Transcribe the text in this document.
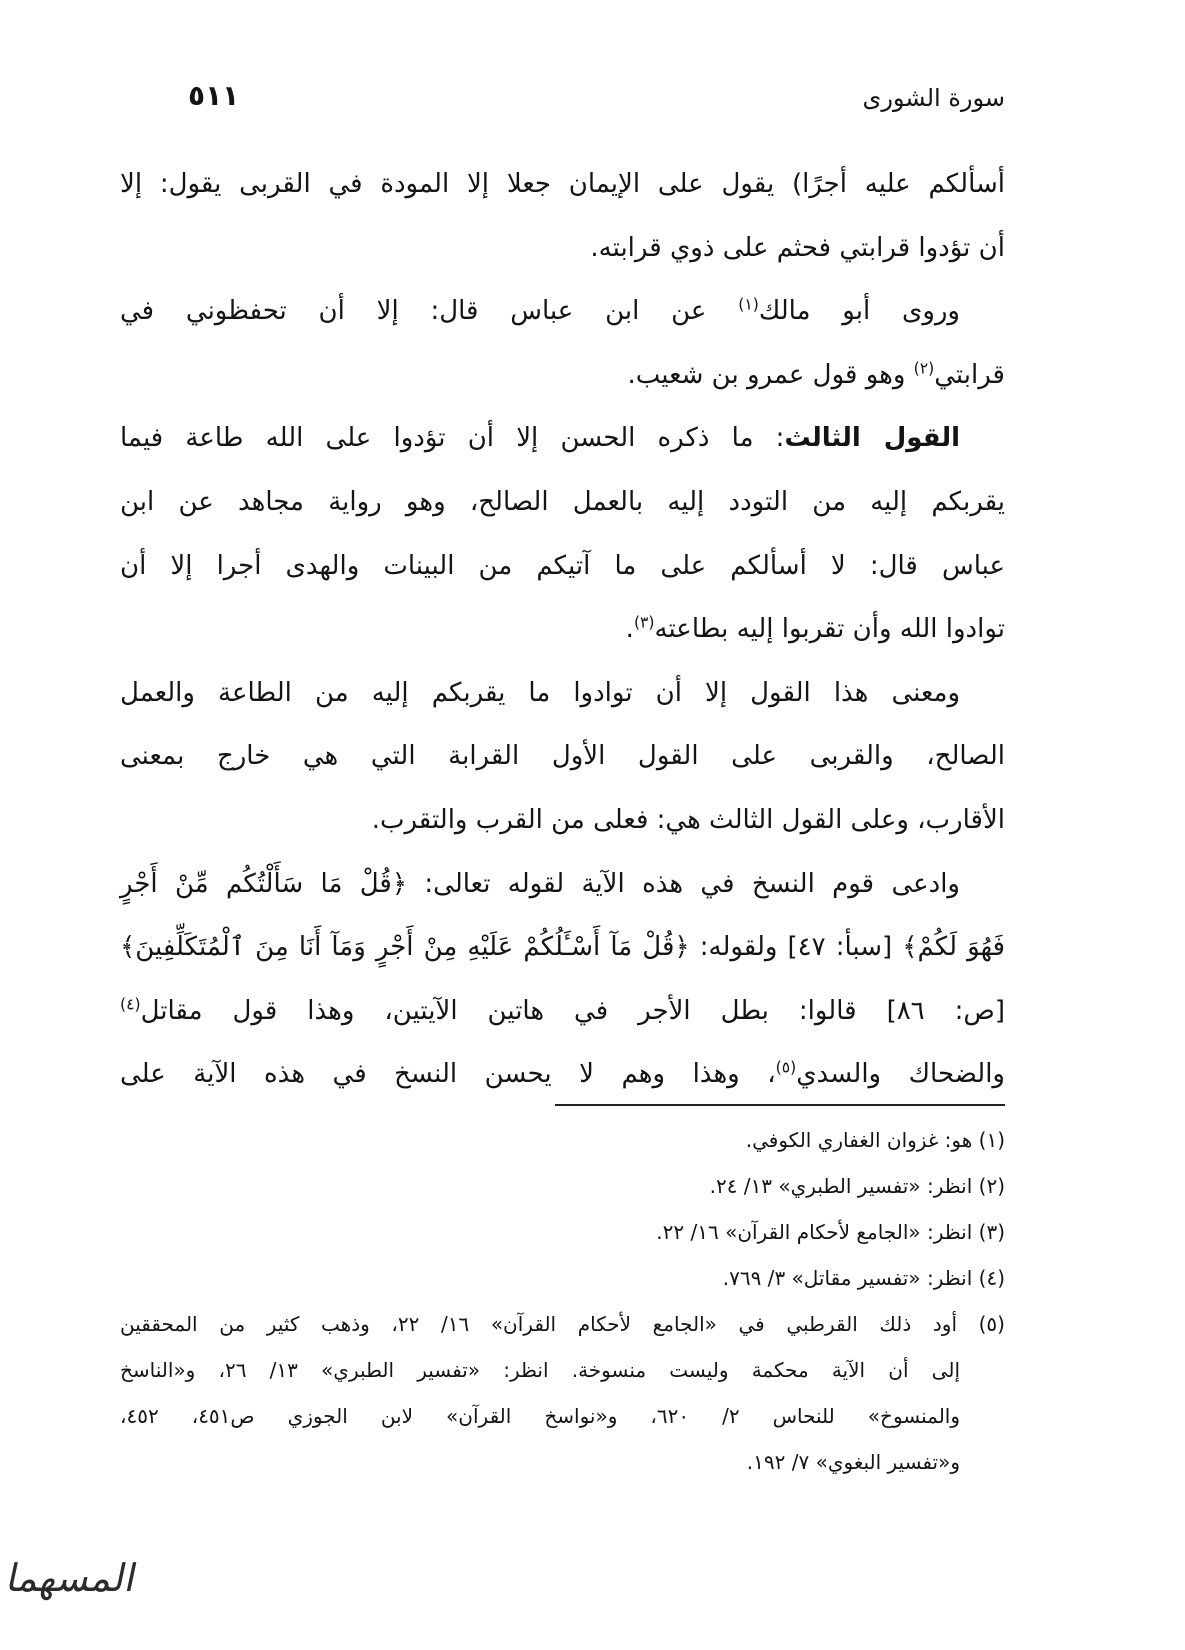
سورة الشورى
٥١١
أسألكم عليه أجرًا) يقول على الإيمان جعلا إلا المودة في القربى يقول: إلا
أن تؤدوا قرابتي فحثم على ذوي قرابته.
وروى أبو مالك$^{(١)}$ عن ابن عباس قال: إلا أن تحفظوني في
قرابتي$^{(٢)}$ وهو قول عمرو بن شعيب.
القول الثالث: ما ذكره الحسن إلا أن تؤدوا على الله طاعة فيما
يقربكم إليه من التودد إليه بالعمل الصالح، وهو رواية مجاهد عن ابن
عباس قال: لا أسألكم على ما آتيكم من البينات والهدى أجرا إلا أن
توادوا الله وأن تقربوا إليه بطاعته$^{(٣)}$.
ومعنى هذا القول إلا أن توادوا ما يقربكم إليه من الطاعة والعمل
الصالح، والقربى على القول الأول القرابة التي هي خارج بمعنى
الأقارب، وعلى القول الثالث هي: فعلى من القرب والتقرب.
وادعى قوم النسخ في هذه الآية لقوله تعالى: ﴿قُلْ مَا سَأَلْتُكُم مِّنْ أَجْرٍ
فَهُوَ لَكُمْ﴾ [سبأ: ٤٧] ولقوله: ﴿قُلْ مَآ أَسْـَٔلُكُمْ عَلَيْهِ مِنْ أَجْرٍ وَمَآ أَنَا مِنَ ٱلْمُتَكَلِّفِينَ﴾
[ص: ٨٦] قالوا: بطل الأجر في هاتين الآيتين، وهذا قول مقاتل$^{(٤)}$
والضحاك والسدي$^{(٥)}$، وهذا وهم لا يحسن النسخ في هذه الآية على
(١) هو: غزوان الغفاري الكوفي.
(٢) انظر: «تفسير الطبري» ١٣/ ٢٤.
(٣) انظر: «الجامع لأحكام القرآن» ١٦/ ٢٢.
(٤) انظر: «تفسير مقاتل» ٣/ ٧٦٩.
(٥) أود ذلك القرطبي في «الجامع لأحكام القرآن» ١٦/ ٢٢، وذهب كثير من المحققين
إلى أن الآية محكمة وليست منسوخة. انظر: «تفسير الطبري» ١٣/ ٢٦، و«الناسخ
والمنسوخ» للنحاس ٢/ ٦٢٠، و«نواسخ القرآن» لابن الجوزي ص٤٥١، ٤٥٢،
و«تفسير البغوي» ٧/ ١٩٢.
المسهما
